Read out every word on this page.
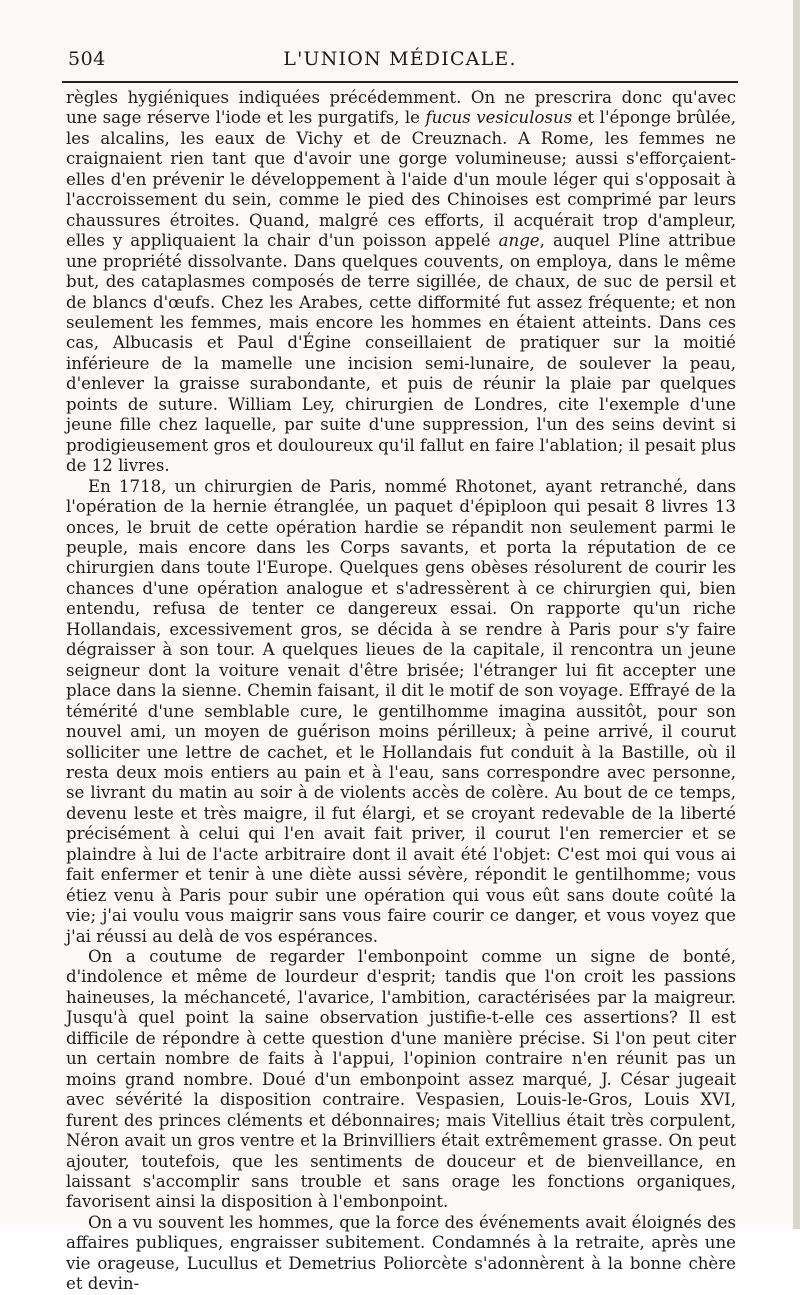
504	L'UNION MÉDICALE.

règles hygiéniques indiquées précédemment. On ne prescrira donc qu'avec une sage réserve l'iode et les purgatifs, le fucus vesiculosus et l'éponge brûlée, les alcalins, les eaux de Vichy et de Creuznach. A Rome, les femmes ne craignaient rien tant que d'avoir une gorge volumineuse; aussi s'efforçaient-elles d'en prévenir le développement à l'aide d'un moule léger qui s'opposait à l'accroissement du sein, comme le pied des Chinoises est comprimé par leurs chaussures étroites. Quand, malgré ces efforts, il acquérait trop d'ampleur, elles y appliquaient la chair d'un poisson appelé ange, auquel Pline attribue une propriété dissolvante. Dans quelques couvents, on employa, dans le même but, des cataplasmes composés de terre sigillée, de chaux, de suc de persil et de blancs d'œufs. Chez les Arabes, cette difformité fut assez fréquente; et non seulement les femmes, mais encore les hommes en étaient atteints. Dans ces cas, Albucasis et Paul d'Égine conseillaient de pratiquer sur la moitié inférieure de la mamelle une incision semi-lunaire, de soulever la peau, d'enlever la graisse surabondante, et puis de réunir la plaie par quelques points de suture. William Ley, chirurgien de Londres, cite l'exemple d'une jeune fille chez laquelle, par suite d'une suppression, l'un des seins devint si prodigieusement gros et douloureux qu'il fallut en faire l'ablation; il pesait plus de 12 livres.

En 1718, un chirurgien de Paris, nommé Rhotonet, ayant retranché, dans l'opération de la hernie étranglée, un paquet d'épiploon qui pesait 8 livres 13 onces, le bruit de cette opération hardie se répandit non seulement parmi le peuple, mais encore dans les Corps savants, et porta la réputation de ce chirurgien dans toute l'Europe. Quelques gens obèses résolurent de courir les chances d'une opération analogue et s'adressèrent à ce chirurgien qui, bien entendu, refusa de tenter ce dangereux essai. On rapporte qu'un riche Hollandais, excessivement gros, se décida à se rendre à Paris pour s'y faire dégraisser à son tour. A quelques lieues de la capitale, il rencontra un jeune seigneur dont la voiture venait d'être brisée; l'étranger lui fit accepter une place dans la sienne. Chemin faisant, il dit le motif de son voyage. Effrayé de la témérité d'une semblable cure, le gentilhomme imagina aussitôt, pour son nouvel ami, un moyen de guérison moins périlleux; à peine arrivé, il courut solliciter une lettre de cachet, et le Hollandais fut conduit à la Bastille, où il resta deux mois entiers au pain et à l'eau, sans correspondre avec personne, se livrant du matin au soir à de violents accès de colère. Au bout de ce temps, devenu leste et très maigre, il fut élargi, et se croyant redevable de la liberté précisément à celui qui l'en avait fait priver, il courut l'en remercier et se plaindre à lui de l'acte arbitraire dont il avait été l'objet: C'est moi qui vous ai fait enfermer et tenir à une diète aussi sévère, répondit le gentilhomme; vous étiez venu à Paris pour subir une opération qui vous eût sans doute coûté la vie; j'ai voulu vous maigrir sans vous faire courir ce danger, et vous voyez que j'ai réussi au delà de vos espérances.

On a coutume de regarder l'embonpoint comme un signe de bonté, d'indolence et même de lourdeur d'esprit; tandis que l'on croit les passions haineuses, la méchanceté, l'avarice, l'ambition, caractérisées par la maigreur. Jusqu'à quel point la saine observation justifie-t-elle ces assertions? Il est difficile de répondre à cette question d'une manière précise. Si l'on peut citer un certain nombre de faits à l'appui, l'opinion contraire n'en réunit pas un moins grand nombre. Doué d'un embonpoint assez marqué, J. César jugeait avec sévérité la disposition contraire. Vespasien, Louis-le-Gros, Louis XVI, furent des princes cléments et débonnaires; mais Vitellius était très corpulent, Néron avait un gros ventre et la Brinvilliers était extrêmement grasse. On peut ajouter, toutefois, que les sentiments de douceur et de bienveillance, en laissant s'accomplir sans trouble et sans orage les fonctions organiques, favorisent ainsi la disposition à l'embonpoint.

On a vu souvent les hommes, que la force des événements avait éloignés des affaires publiques, engraisser subitement. Condamnés à la retraite, après une vie orageuse, Lucullus et Demetrius Poliorcète s'adonnèrent à la bonne chère et devin-
